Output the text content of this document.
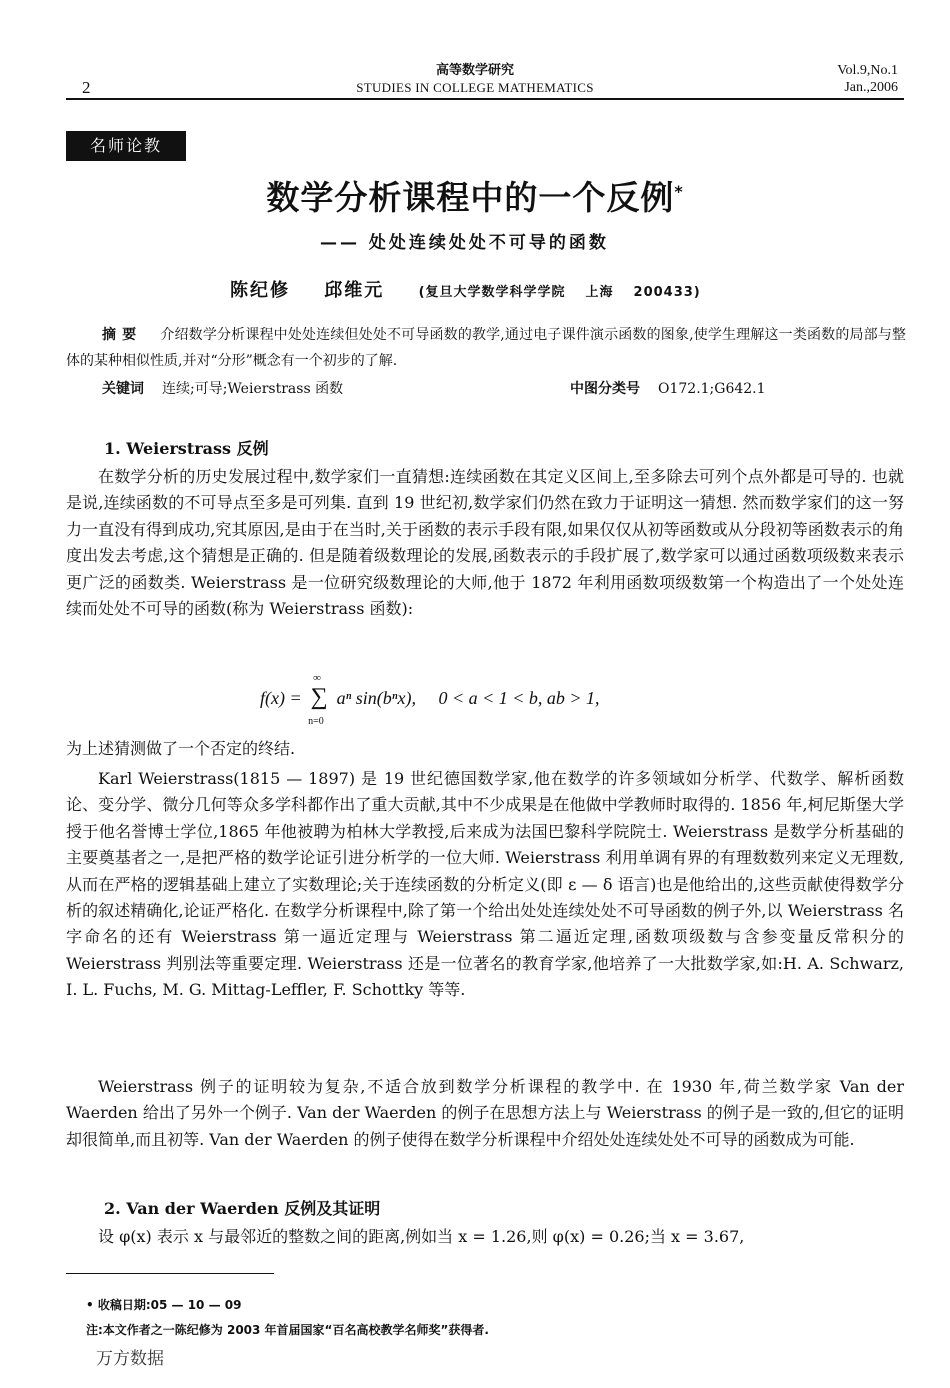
2
高等数学研究
STUDIES IN COLLEGE MATHEMATICS
Vol.9,No.1
Jan.,2006
名师论教
数学分析课程中的一个反例*
—— 处处连续处处不可导的函数
陈纪修 邱维元	(复旦大学数学科学学院 上海 200433)
摘要 介绍数学分析课程中处处连续但处处不可导函数的教学,通过电子课件演示函数的图象,使学生理解这一类函数的局部与整体的某种相似性质,并对“分形”概念有一个初步的了解.
关键词 连续;可导;Weierstrass 函数	中图分类号 O172.1;G642.1
1. Weierstrass 反例

在数学分析的历史发展过程中,数学家们一直猜想:连续函数在其定义区间上,至多除去可列个点外都是可导的. 也就是说,连续函数的不可导点至多是可列集. 直到 19 世纪初,数学家们仍然在致力于证明这一猜想. 然而数学家们的这一努力一直没有得到成功,究其原因,是由于在当时,关于函数的表示手段有限,如果仅仅从初等函数或从分段初等函数表示的角度出发去考虑,这个猜想是正确的. 但是随着级数理论的发展,函数表示的手段扩展了,数学家可以通过函数项级数来表示更广泛的函数类. Weierstrass 是一位研究级数理论的大师,他于 1872 年利用函数项级数第一个构造出了一个处处连续而处处不可导的函数(称为 Weierstrass 函数):

f(x) = ∑
∞
n=0
aⁿ sin(bⁿx), 0 < a < 1 < b, ab > 1,
为上述猜测做了一个否定的终结.

Karl Weierstrass(1815 — 1897) 是 19 世纪德国数学家,他在数学的许多领域如分析学、代数学、解析函数论、变分学、微分几何等众多学科都作出了重大贡献,其中不少成果是在他做中学教师时取得的. 1856 年,柯尼斯堡大学授于他名誉博士学位,1865 年他被聘为柏林大学教授,后来成为法国巴黎科学院院士. Weierstrass 是数学分析基础的主要奠基者之一,是把严格的数学论证引进分析学的一位大师. Weierstrass 利用单调有界的有理数数列来定义无理数,从而在严格的逻辑基础上建立了实数理论;关于连续函数的分析定义(即 ε — δ 语言)也是他给出的,这些贡献使得数学分析的叙述精确化,论证严格化. 在数学分析课程中,除了第一个给出处处连续处处不可导函数的例子外,以 Weierstrass 名字命名的还有 Weierstrass 第一逼近定理与 Weierstrass 第二逼近定理,函数项级数与含参变量反常积分的 Weierstrass 判别法等重要定理. Weierstrass 还是一位著名的教育学家,他培养了一大批数学家,如:H. A. Schwarz, I. L. Fuchs, M. G. Mittag-Leffler, F. Schottky 等等.

Weierstrass 例子的证明较为复杂,不适合放到数学分析课程的教学中. 在 1930 年,荷兰数学家 Van der Waerden 给出了另外一个例子. Van der Waerden 的例子在思想方法上与 Weierstrass 的例子是一致的,但它的证明却很简单,而且初等. Van der Waerden 的例子使得在数学分析课程中介绍处处连续处处不可导的函数成为可能.

2. Van der Waerden 反例及其证明

设 φ(x) 表示 x 与最邻近的整数之间的距离,例如当 x = 1.26,则 φ(x) = 0.26;当 x = 3.67,

• 收稿日期:05 — 10 — 09
注:本文作者之一陈纪修为 2003 年首届国家“百名高校教学名师奖”获得者.
万方数据
